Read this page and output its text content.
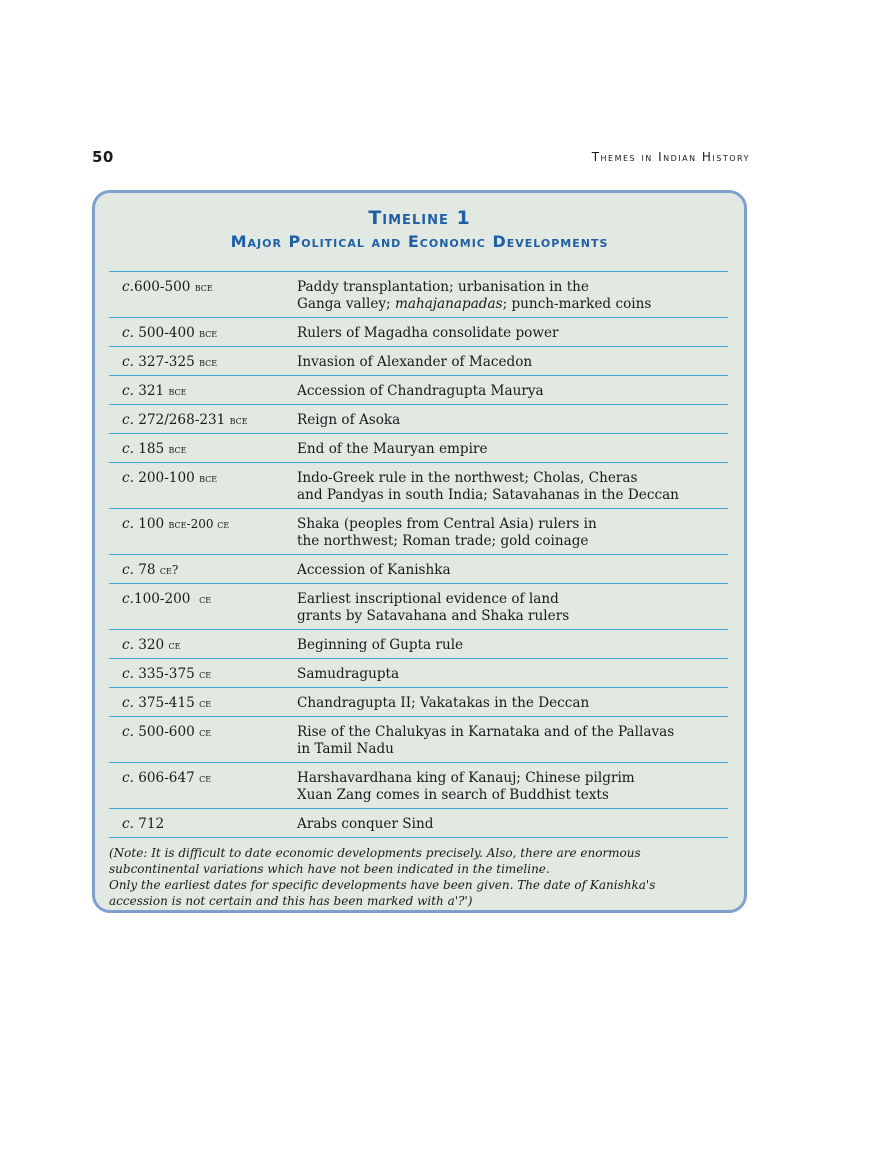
50	Themes in Indian History
Timeline 1
Major Political and Economic Developments
c.600-500 bce	Paddy transplantation; urbanisation in the
Ganga valley; mahajanapadas; punch-marked coins
c. 500-400 bce	Rulers of Magadha consolidate power
c. 327-325 bce	Invasion of Alexander of Macedon
c. 321 bce	Accession of Chandragupta Maurya
c. 272/268-231 bce	Reign of Asoka
c. 185 bce	End of the Mauryan empire
c. 200-100 bce	Indo-Greek rule in the northwest; Cholas, Cheras
and Pandyas in south India; Satavahanas in the Deccan
c. 100 bce-200 ce	Shaka (peoples from Central Asia) rulers in
the northwest; Roman trade; gold coinage
c. 78 ce?	Accession of Kanishka
c.100-200  ce	Earliest inscriptional evidence of land
grants by Satavahana and Shaka rulers
c. 320 ce	Beginning of Gupta rule
c. 335-375 ce	Samudragupta
c. 375-415 ce	Chandragupta II; Vakatakas in the Deccan
c. 500-600 ce	Rise of the Chalukyas in Karnataka and of the Pallavas
in Tamil Nadu
c. 606-647 ce	Harshavardhana king of Kanauj; Chinese pilgrim
Xuan Zang comes in search of Buddhist texts
c. 712	Arabs conquer Sind
(Note: It is difficult to date economic developments precisely. Also, there are enormous
subcontinental variations which have not been indicated in the timeline.
Only the earliest dates for specific developments have been given. The date of Kanishka's
accession is not certain and this has been marked with a'?')
